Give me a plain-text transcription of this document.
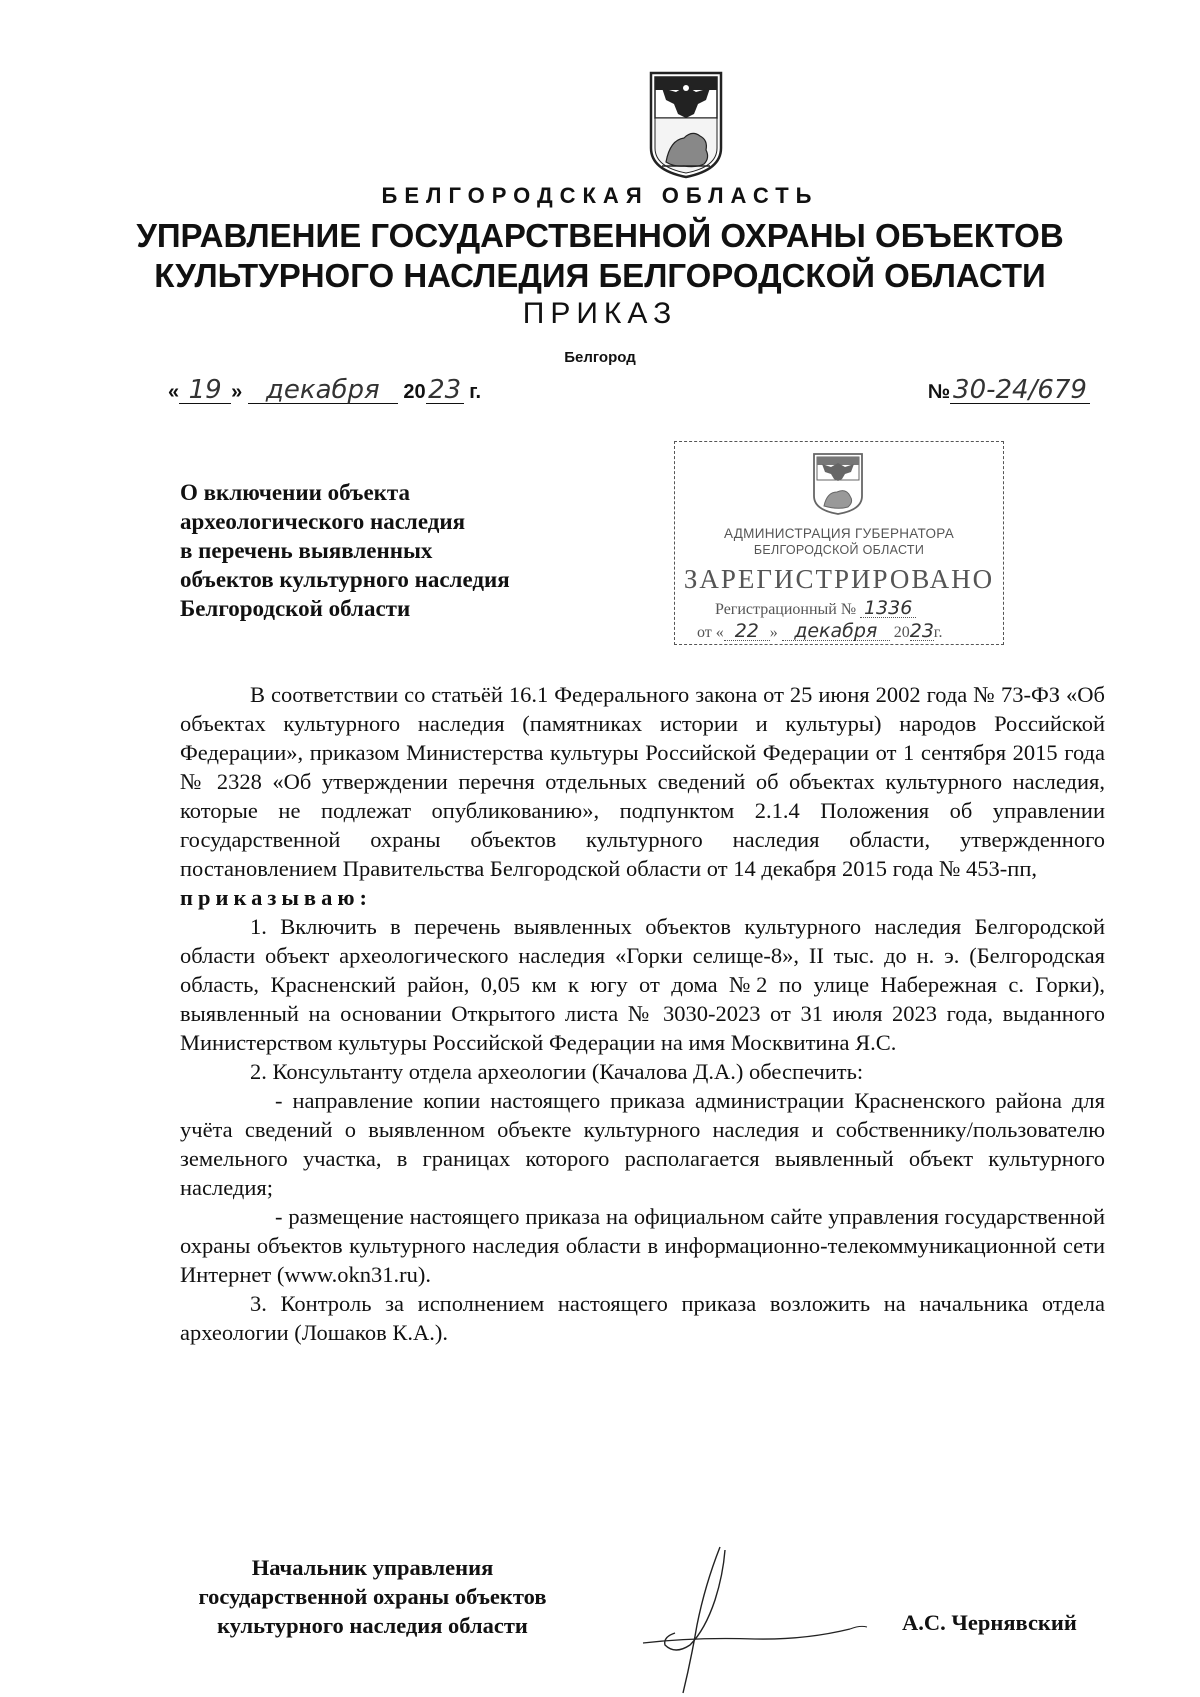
БЕЛГОРОДСКАЯ ОБЛАСТЬ
УПРАВЛЕНИЕ ГОСУДАРСТВЕННОЙ ОХРАНЫ ОБЪЕКТОВ
КУЛЬТУРНОГО НАСЛЕДИЯ БЕЛГОРОДСКОЙ ОБЛАСТИ
ПРИКАЗ
Белгород
« 19 » декабря 2023 г.	№ 30-24/679
О включении объекта
археологического наследия
в перечень выявленных
объектов культурного наследия
Белгородской области
АДМИНИСТРАЦИЯ ГУБЕРНАТОРА
БЕЛГОРОДСКОЙ ОБЛАСТИ
ЗАРЕГИСТРИРОВАНО
Регистрационный № 1336
от « 22 » декабря 2023г.

В соответствии со статьёй 16.1 Федерального закона от 25 июня 2002 года № 73-ФЗ «Об объектах культурного наследия (памятниках истории и культуры) народов Российской Федерации», приказом Министерства культуры Российской Федерации от 1 сентября 2015 года № 2328 «Об утверждении перечня отдельных сведений об объектах культурного наследия, которые не подлежат опубликованию», подпунктом 2.1.4 Положения об управлении государственной охраны объектов культурного наследия области, утвержденного постановлением Правительства Белгородской области от 14 декабря 2015 года № 453-пп,

приказываю:

1. Включить в перечень выявленных объектов культурного наследия Белгородской области объект археологического наследия «Горки селище-8», II тыс. до н. э. (Белгородская область, Красненский район, 0,05 км к югу от дома №2 по улице Набережная с. Горки), выявленный на основании Открытого листа № 3030-2023 от 31 июля 2023 года, выданного Министерством культуры Российской Федерации на имя Москвитина Я.С.

2. Консультанту отдела археологии (Качалова Д.А.) обеспечить:

- направление копии настоящего приказа администрации Красненского района для учёта сведений о выявленном объекте культурного наследия и собственнику/пользователю земельного участка, в границах которого располагается выявленный объект культурного наследия;

- размещение настоящего приказа на официальном сайте управления государственной охраны объектов культурного наследия области в информационно-телекоммуникационной сети Интернет (www.okn31.ru).

3. Контроль за исполнением настоящего приказа возложить на начальника отдела археологии (Лошаков К.А.).

Начальник управления
государственной охраны объектов
культурного наследия области	А.С. Чернявский
